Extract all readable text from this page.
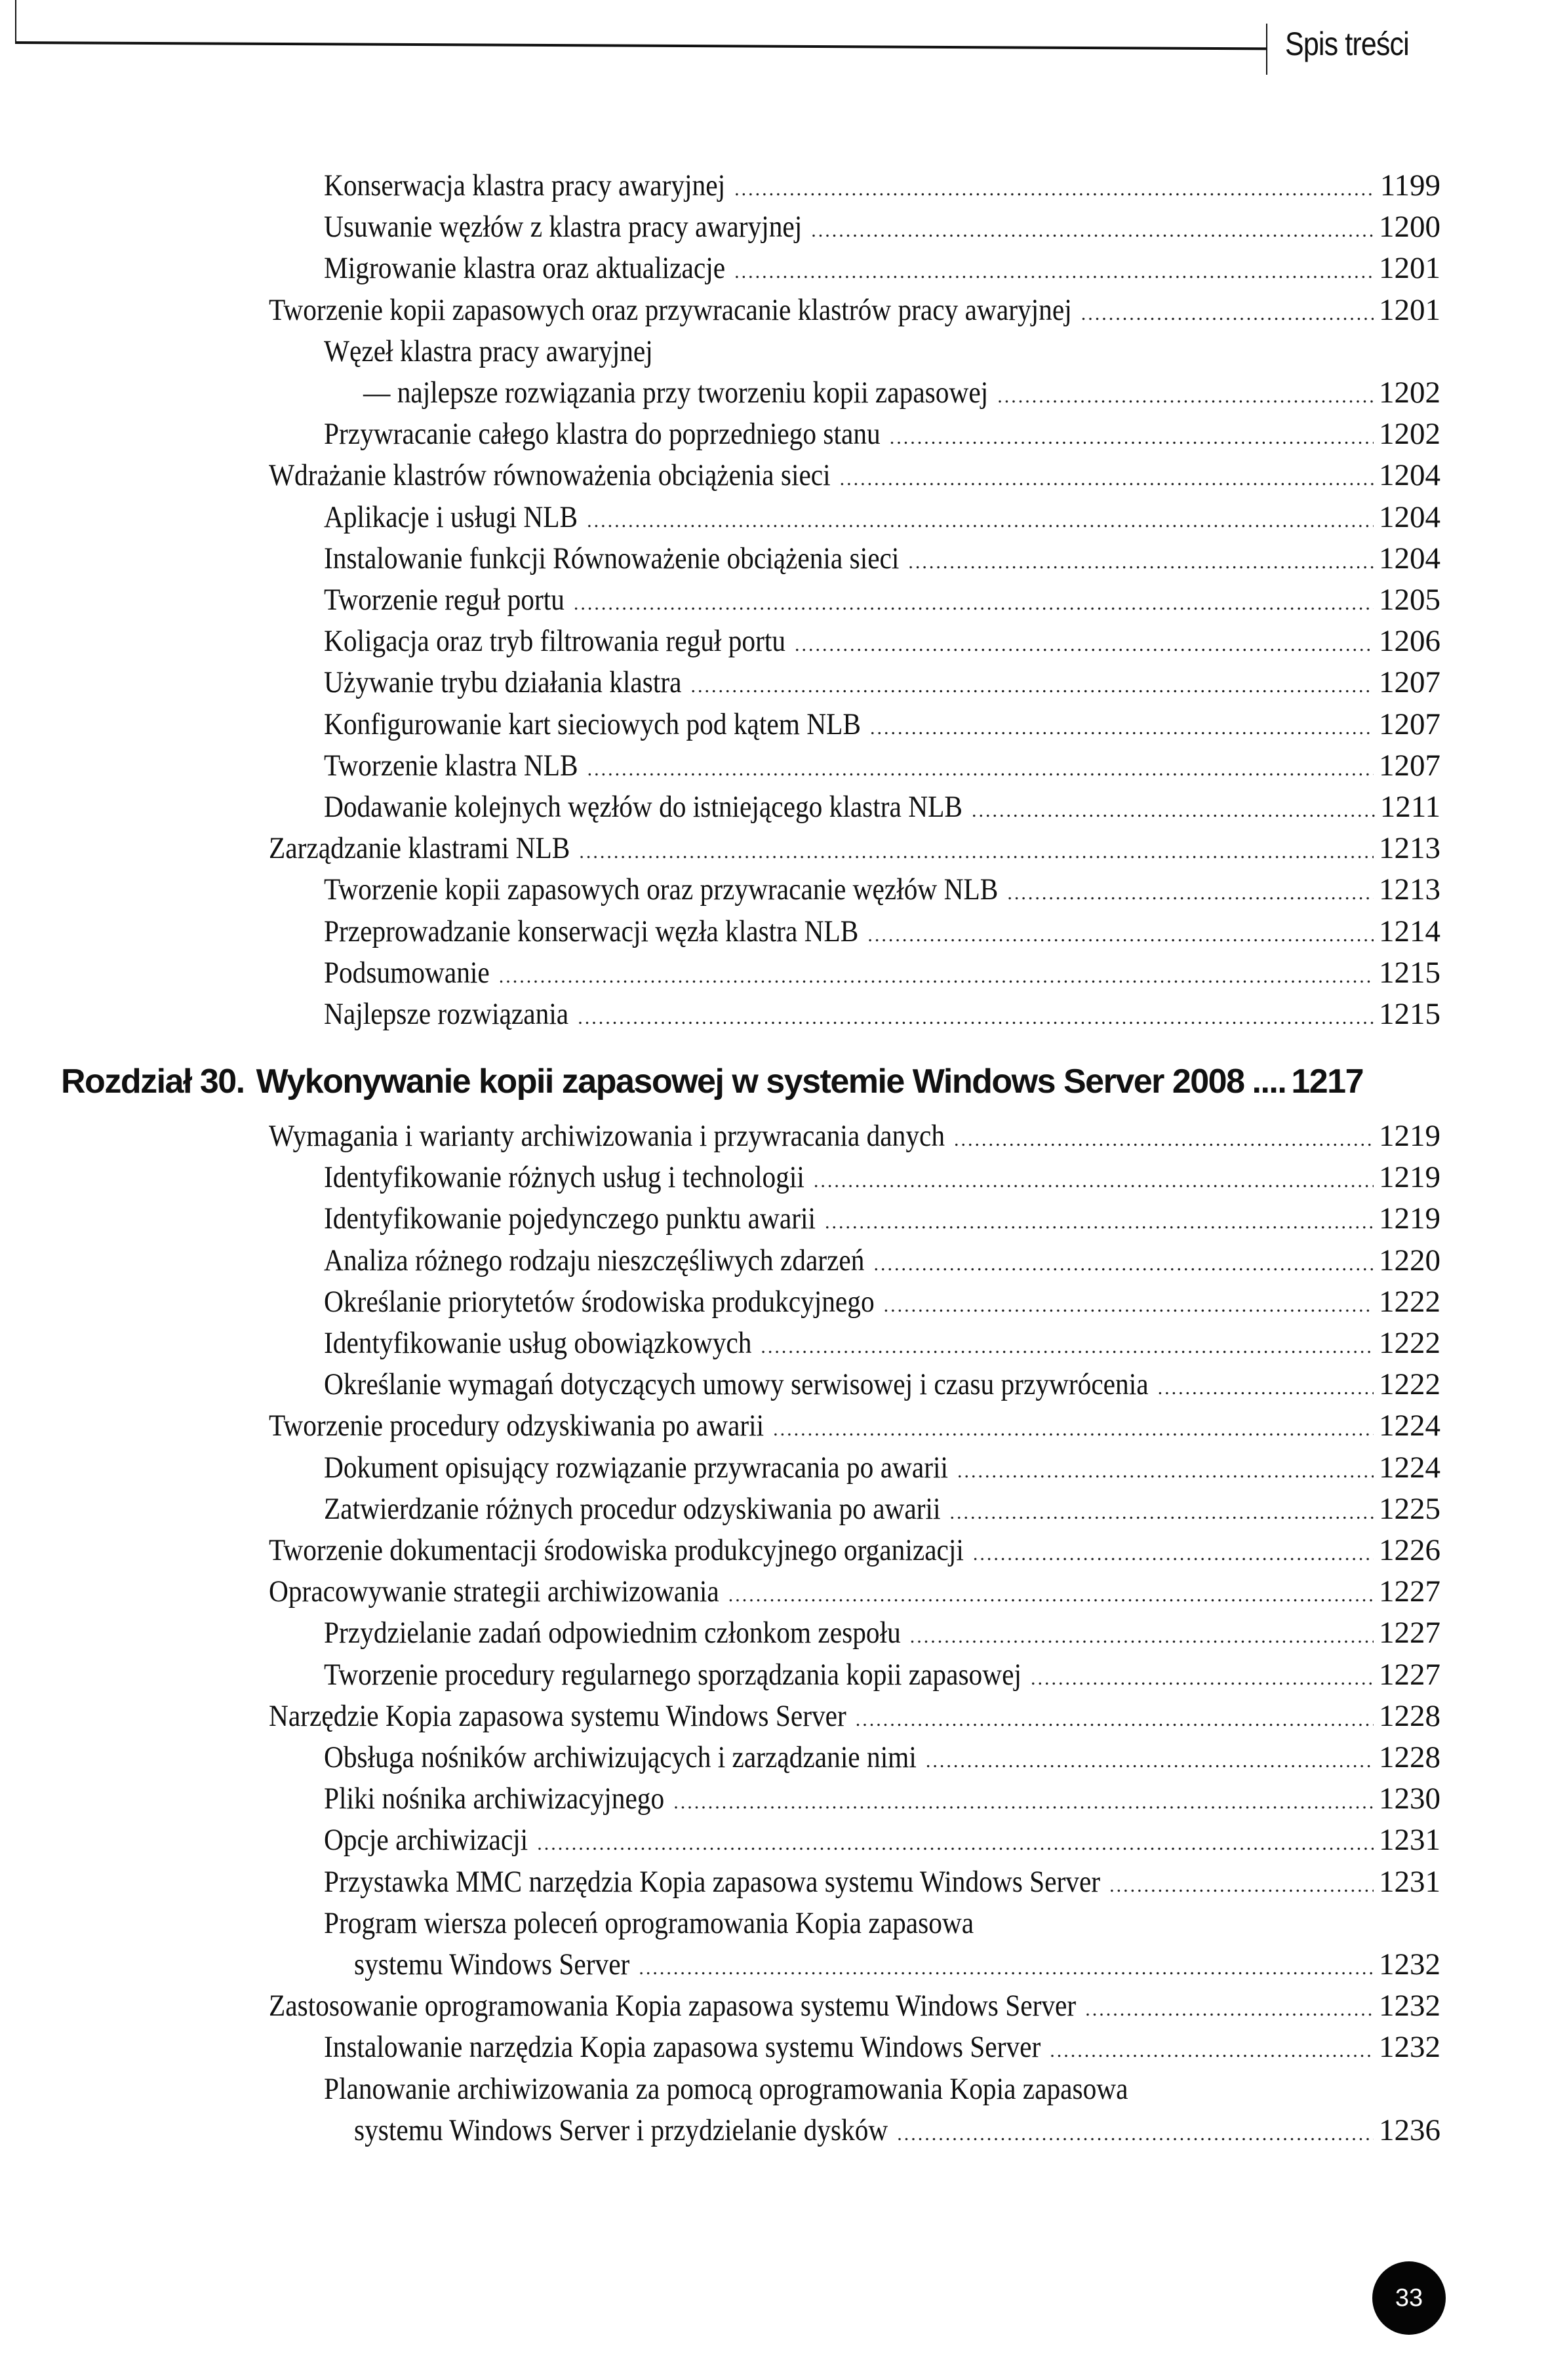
Spis treści
Konserwacja klastra pracy awaryjnej .....	1199
Usuwanie węzłów z klastra pracy awaryjnej .....	1200
Migrowanie klastra oraz aktualizacje .....	1201
Tworzenie kopii zapasowych oraz przywracanie klastrów pracy awaryjnej .....	1201
Węzeł klastra pracy awaryjnej
— najlepsze rozwiązania przy tworzeniu kopii zapasowej .....	1202
Przywracanie całego klastra do poprzedniego stanu .....	1202
Wdrażanie klastrów równoważenia obciążenia sieci .....	1204
Aplikacje i usługi NLB .....	1204
Instalowanie funkcji Równoważenie obciążenia sieci .....	1204
Tworzenie reguł portu .....	1205
Koligacja oraz tryb filtrowania reguł portu .....	1206
Używanie trybu działania klastra .....	1207
Konfigurowanie kart sieciowych pod kątem NLB .....	1207
Tworzenie klastra NLB .....	1207
Dodawanie kolejnych węzłów do istniejącego klastra NLB .....	1211
Zarządzanie klastrami NLB .....	1213
Tworzenie kopii zapasowych oraz przywracanie węzłów NLB .....	1213
Przeprowadzanie konserwacji węzła klastra NLB .....	1214
Podsumowanie .....	1215
Najlepsze rozwiązania .....	1215
Rozdział 30. Wykonywanie kopii zapasowej w systemie Windows Server 2008 .... 1217
Wymagania i warianty archiwizowania i przywracania danych .....	1219
Identyfikowanie różnych usług i technologii .....	1219
Identyfikowanie pojedynczego punktu awarii .....	1219
Analiza różnego rodzaju nieszczęśliwych zdarzeń .....	1220
Określanie priorytetów środowiska produkcyjnego .....	1222
Identyfikowanie usług obowiązkowych .....	1222
Określanie wymagań dotyczących umowy serwisowej i czasu przywrócenia .....	1222
Tworzenie procedury odzyskiwania po awarii .....	1224
Dokument opisujący rozwiązanie przywracania po awarii .....	1224
Zatwierdzanie różnych procedur odzyskiwania po awarii .....	1225
Tworzenie dokumentacji środowiska produkcyjnego organizacji .....	1226
Opracowywanie strategii archiwizowania .....	1227
Przydzielanie zadań odpowiednim członkom zespołu .....	1227
Tworzenie procedury regularnego sporządzania kopii zapasowej .....	1227
Narzędzie Kopia zapasowa systemu Windows Server .....	1228
Obsługa nośników archiwizujących i zarządzanie nimi .....	1228
Pliki nośnika archiwizacyjnego .....	1230
Opcje archiwizacji .....	1231
Przystawka MMC narzędzia Kopia zapasowa systemu Windows Server .....	1231
Program wiersza poleceń oprogramowania Kopia zapasowa
systemu Windows Server .....	1232
Zastosowanie oprogramowania Kopia zapasowa systemu Windows Server .....	1232
Instalowanie narzędzia Kopia zapasowa systemu Windows Server .....	1232
Planowanie archiwizowania za pomocą oprogramowania Kopia zapasowa
systemu Windows Server i przydzielanie dysków .....	1236
33
